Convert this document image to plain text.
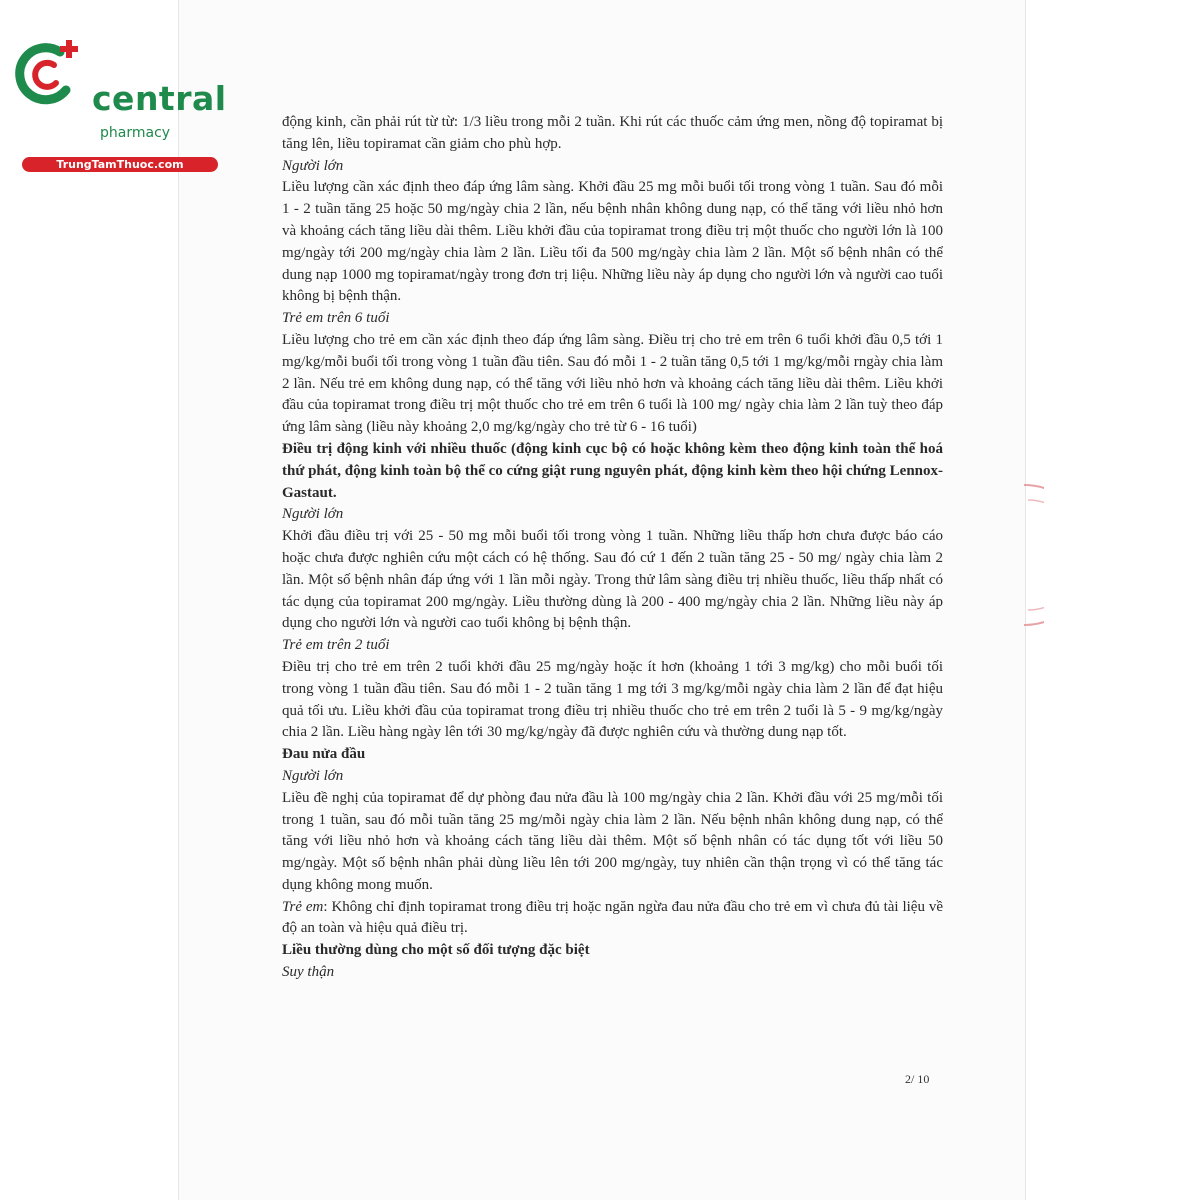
central

pharmacy

TrungTamThuoc.com

động kinh, cần phải rút từ từ: 1/3 liều trong mỗi 2 tuần. Khi rút các thuốc cảm ứng men, nồng độ topiramat bị tăng lên, liều topiramat cần giảm cho phù hợp.

Người lớn

Liều lượng cần xác định theo đáp ứng lâm sàng. Khởi đầu 25 mg mỗi buổi tối trong vòng 1 tuần. Sau đó mỗi 1 - 2 tuần tăng 25 hoặc 50 mg/ngày chia 2 lần, nếu bệnh nhân không dung nạp, có thể tăng với liều nhỏ hơn và khoảng cách tăng liều dài thêm. Liều khởi đầu của topiramat trong điều trị một thuốc cho người lớn là 100 mg/ngày tới 200 mg/ngày chia làm 2 lần. Liều tối đa 500 mg/ngày chia làm 2 lần. Một số bệnh nhân có thể dung nạp 1000 mg topiramat/ngày trong đơn trị liệu. Những liều này áp dụng cho người lớn và người cao tuổi không bị bệnh thận.

Trẻ em trên 6 tuổi

Liều lượng cho trẻ em cần xác định theo đáp ứng lâm sàng. Điều trị cho trẻ em trên 6 tuổi khởi đầu 0,5 tới 1 mg/kg/mỗi buổi tối trong vòng 1 tuần đầu tiên. Sau đó mỗi 1 - 2 tuần tăng 0,5 tới 1 mg/kg/mỗi rngày chia làm 2 lần. Nếu trẻ em không dung nạp, có thể tăng với liều nhỏ hơn và khoảng cách tăng liều dài thêm. Liều khởi đầu của topiramat trong điều trị một thuốc cho trẻ em trên 6 tuổi là 100 mg/ ngày chia làm 2 lần tuỳ theo đáp ứng lâm sàng (liều này khoảng 2,0 mg/kg/ngày cho trẻ từ 6 - 16 tuổi)

Điều trị động kinh với nhiều thuốc (động kinh cục bộ có hoặc không kèm theo động kinh toàn thể hoá thứ phát, động kinh toàn bộ thể co cứng giật rung nguyên phát, động kinh kèm theo hội chứng Lennox-Gastaut.

Người lớn

Khởi đầu điều trị với 25 - 50 mg mỗi buổi tối trong vòng 1 tuần. Những liều thấp hơn chưa được báo cáo hoặc chưa được nghiên cứu một cách có hệ thống. Sau đó cứ 1 đến 2 tuần tăng 25 - 50 mg/ ngày chia làm 2 lần. Một số bệnh nhân đáp ứng với 1 lần mỗi ngày. Trong thử lâm sàng điều trị nhiều thuốc, liều thấp nhất có tác dụng của topiramat 200 mg/ngày. Liều thường dùng là 200 - 400 mg/ngày chia 2 lần. Những liều này áp dụng cho người lớn và người cao tuổi không bị bệnh thận.

Trẻ em trên 2 tuổi

Điều trị cho trẻ em trên 2 tuổi khởi đầu 25 mg/ngày hoặc ít hơn (khoảng 1 tới 3 mg/kg) cho mỗi buổi tối trong vòng 1 tuần đầu tiên. Sau đó mỗi 1 - 2 tuần tăng 1 mg tới 3 mg/kg/mỗi ngày chia làm 2 lần để đạt hiệu quả tối ưu. Liều khởi đầu của topiramat trong điều trị nhiều thuốc cho trẻ em trên 2 tuổi là 5 - 9 mg/kg/ngày chia 2 lần. Liều hàng ngày lên tới 30 mg/kg/ngày đã được nghiên cứu và thường dung nạp tốt.

Đau nửa đầu

Người lớn

Liều đề nghị của topiramat để dự phòng đau nửa đầu là 100 mg/ngày chia 2 lần. Khởi đầu với 25 mg/mỗi tối trong 1 tuần, sau đó mỗi tuần tăng 25 mg/mỗi ngày chia làm 2 lần. Nếu bệnh nhân không dung nạp, có thể tăng với liều nhỏ hơn và khoảng cách tăng liều dài thêm. Một số bệnh nhân có tác dụng tốt với liều 50 mg/ngày. Một số bệnh nhân phải dùng liều lên tới 200 mg/ngày, tuy nhiên cần thận trọng vì có thể tăng tác dụng không mong muốn.

Trẻ em: Không chỉ định topiramat trong điều trị hoặc ngăn ngừa đau nửa đầu cho trẻ em vì chưa đủ tài liệu về độ an toàn và hiệu quả điều trị.

Liều thường dùng cho một số đối tượng đặc biệt

Suy thận

2/ 10
